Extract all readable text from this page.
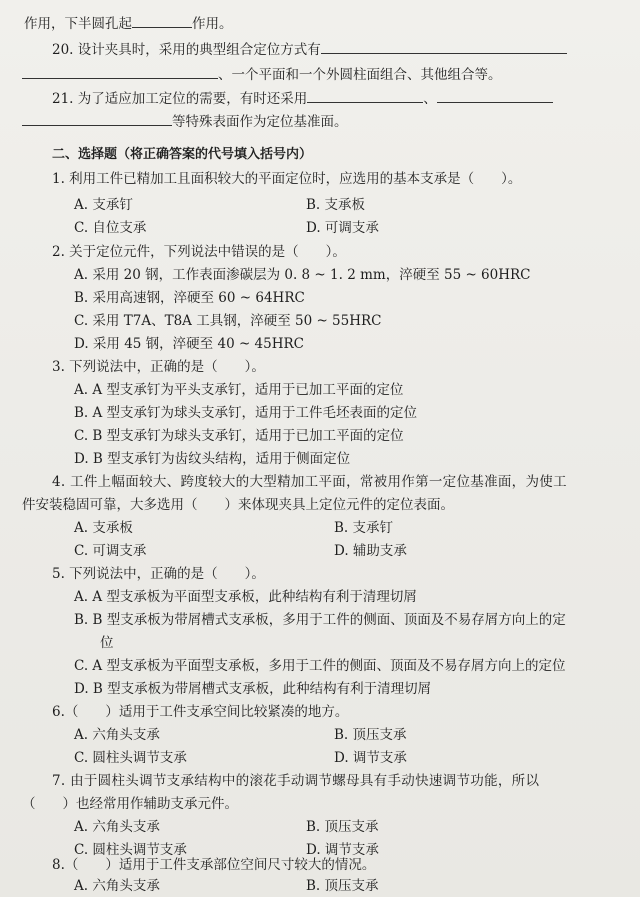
作用，下半圆孔起	作用。
20. 设计夹具时，采用的典型组合定位方式有
、一个平面和一个外圆柱面组合、其他组合等。
21. 为了适应加工定位的需要，有时还采用	、
等特殊表面作为定位基准面。
二、选择题（将正确答案的代号填入括号内）
1. 利用工件已精加工且面积较大的平面定位时，应选用的基本支承是（　　）。
A. 支承钉	B. 支承板
C. 自位支承	D. 可调支承
2. 关于定位元件，下列说法中错误的是（　　）。
A. 采用 20 钢，工作表面渗碳层为 0. 8 ~ 1. 2 mm，淬硬至 55 ~ 60HRC
B. 采用高速钢，淬硬至 60 ~ 64HRC
C. 采用 T7A、T8A 工具钢，淬硬至 50 ~ 55HRC
D. 采用 45 钢，淬硬至 40 ~ 45HRC
3. 下列说法中，正确的是（　　）。
A. A 型支承钉为平头支承钉，适用于已加工平面的定位
B. A 型支承钉为球头支承钉，适用于工件毛坯表面的定位
C. B 型支承钉为球头支承钉，适用于已加工平面的定位
D. B 型支承钉为齿纹头结构，适用于侧面定位
4. 工件上幅面较大、跨度较大的大型精加工平面，常被用作第一定位基准面，为使工
件安装稳固可靠，大多选用（　　）来体现夹具上定位元件的定位表面。
A. 支承板	B. 支承钉
C. 可调支承	D. 辅助支承
5. 下列说法中，正确的是（　　）。
A. A 型支承板为平面型支承板，此种结构有利于清理切屑
B. B 型支承板为带屑槽式支承板，多用于工件的侧面、顶面及不易存屑方向上的定
位
C. A 型支承板为平面型支承板，多用于工件的侧面、顶面及不易存屑方向上的定位
D. B 型支承板为带屑槽式支承板，此种结构有利于清理切屑
6.（　　）适用于工件支承空间比较紧凑的地方。
A. 六角头支承	B. 顶压支承
C. 圆柱头调节支承	D. 调节支承
7. 由于圆柱头调节支承结构中的滚花手动调节螺母具有手动快速调节功能，所以
（　　）也经常用作辅助支承元件。
A. 六角头支承	B. 顶压支承
C. 圆柱头调节支承	D. 调节支承
8.（　　）适用于工件支承部位空间尺寸较大的情况。
A. 六角头支承	B. 顶压支承
